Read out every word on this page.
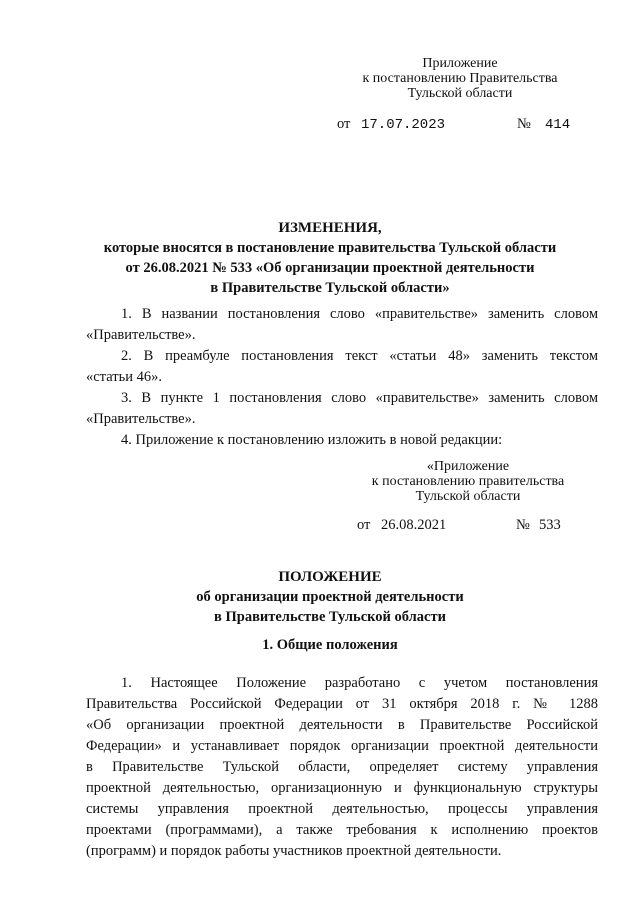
Приложение
к постановлению Правительства
Тульской области
от 17.07.2023	№ 414
ИЗМЕНЕНИЯ,
которые вносятся в постановление правительства Тульской области
от 26.08.2021 № 533 «Об организации проектной деятельности
в Правительстве Тульской области»
1. В названии постановления слово «правительстве» заменить словом
«Правительстве».
2. В преамбуле постановления текст «статьи 48» заменить текстом
«статьи 46».
3. В пункте 1 постановления слово «правительстве» заменить словом
«Правительстве».
4. Приложение к постановлению изложить в новой редакции:
«Приложение
к постановлению правительства
Тульской области
от 26.08.2021	№ 533
ПОЛОЖЕНИЕ
об организации проектной деятельности
в Правительстве Тульской области
1. Общие положения
1. Настоящее Положение разработано с учетом постановления
Правительства Российской Федерации от 31 октября 2018 г. № 1288
«Об организации проектной деятельности в Правительстве Российской
Федерации» и устанавливает порядок организации проектной деятельности
в Правительстве Тульской области, определяет систему управления
проектной деятельностью, организационную и функциональную структуры
системы управления проектной деятельностью, процессы управления
проектами (программами), а также требования к исполнению проектов
(программ) и порядок работы участников проектной деятельности.
